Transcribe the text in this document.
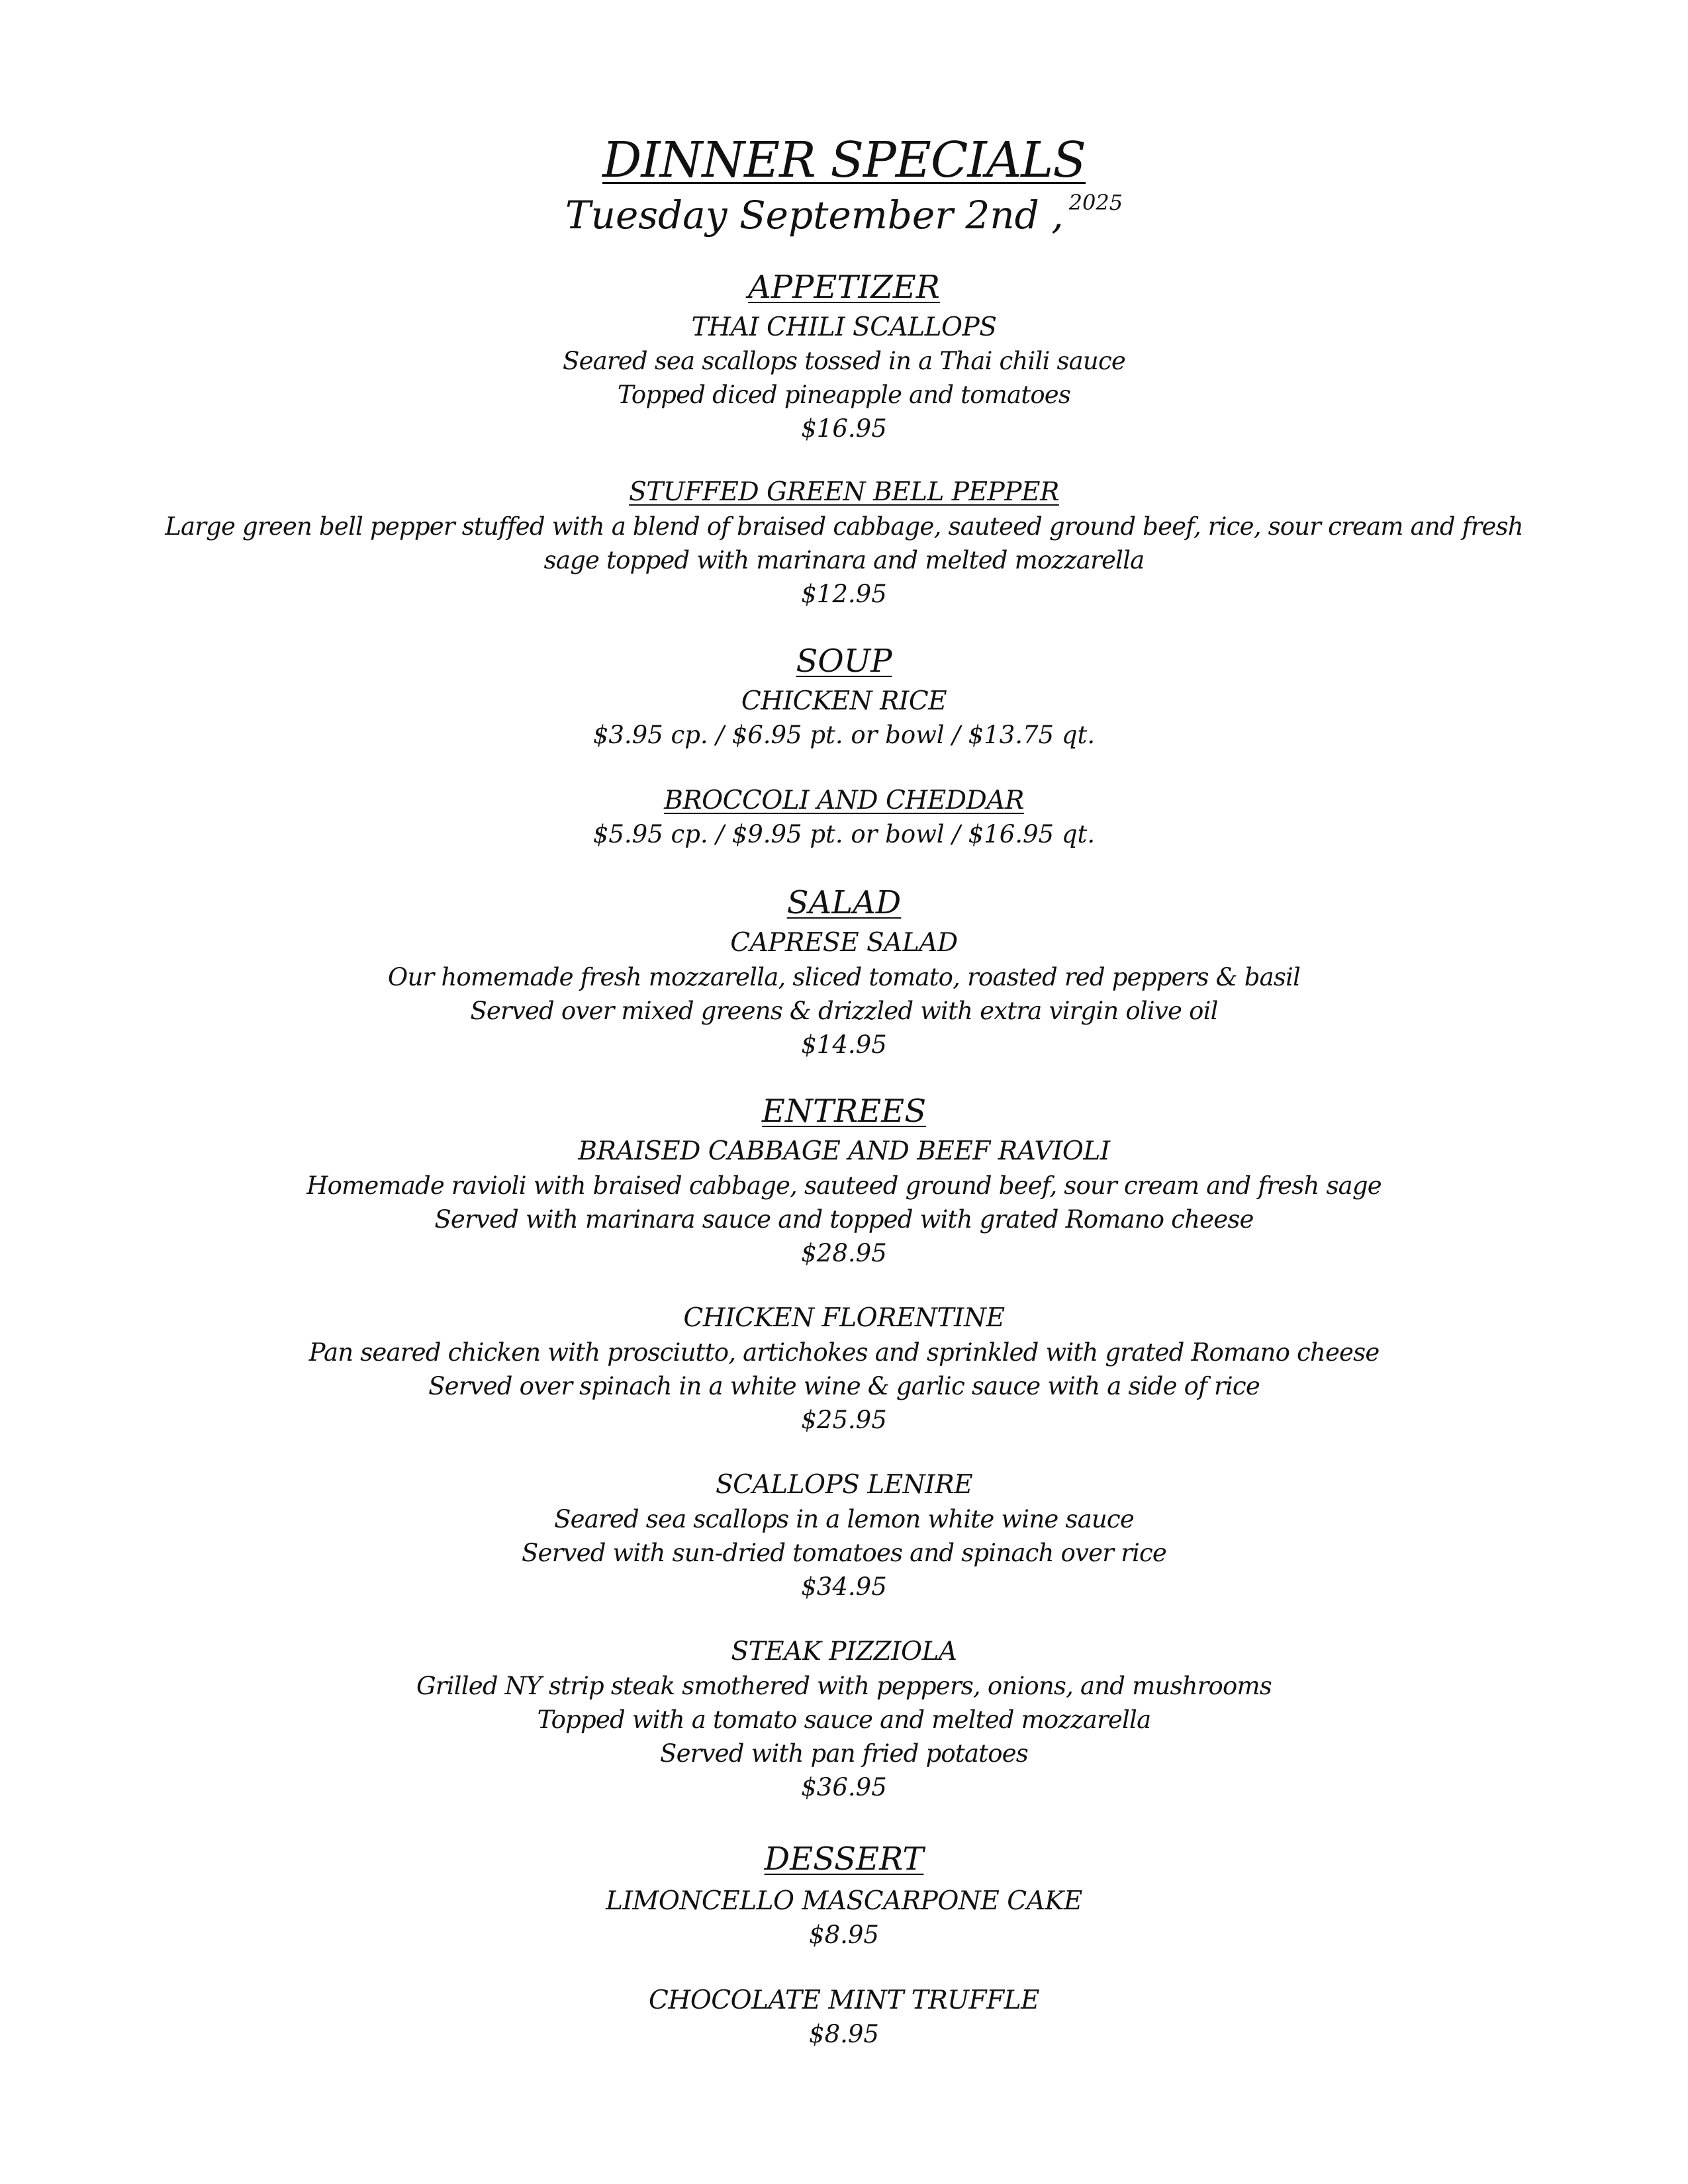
DINNER SPECIALS
Tuesday September 2nd , $^{2025}$
APPETIZER
THAI CHILI SCALLOPS
Seared sea scallops tossed in a Thai chili sauce
Topped diced pineapple and tomatoes
$16.95
STUFFED GREEN BELL PEPPER
Large green bell pepper stuffed with a blend of braised cabbage, sauteed ground beef, rice, sour cream and fresh
sage topped with marinara and melted mozzarella
$12.95
SOUP
CHICKEN RICE
$3.95 cp. / $6.95 pt. or bowl / $13.75 qt.
BROCCOLI AND CHEDDAR
$5.95 cp. / $9.95 pt. or bowl / $16.95 qt.
SALAD
CAPRESE SALAD
Our homemade fresh mozzarella, sliced tomato, roasted red peppers & basil
Served over mixed greens & drizzled with extra virgin olive oil
$14.95
ENTREES
BRAISED CABBAGE AND BEEF RAVIOLI
Homemade ravioli with braised cabbage, sauteed ground beef, sour cream and fresh sage
Served with marinara sauce and topped with grated Romano cheese
$28.95
CHICKEN FLORENTINE
Pan seared chicken with prosciutto, artichokes and sprinkled with grated Romano cheese
Served over spinach in a white wine & garlic sauce with a side of rice
$25.95
SCALLOPS LENIRE
Seared sea scallops in a lemon white wine sauce
Served with sun-dried tomatoes and spinach over rice
$34.95
STEAK PIZZIOLA
Grilled NY strip steak smothered with peppers, onions, and mushrooms
Topped with a tomato sauce and melted mozzarella
Served with pan fried potatoes
$36.95
DESSERT
LIMONCELLO MASCARPONE CAKE
$8.95
CHOCOLATE MINT TRUFFLE
$8.95
